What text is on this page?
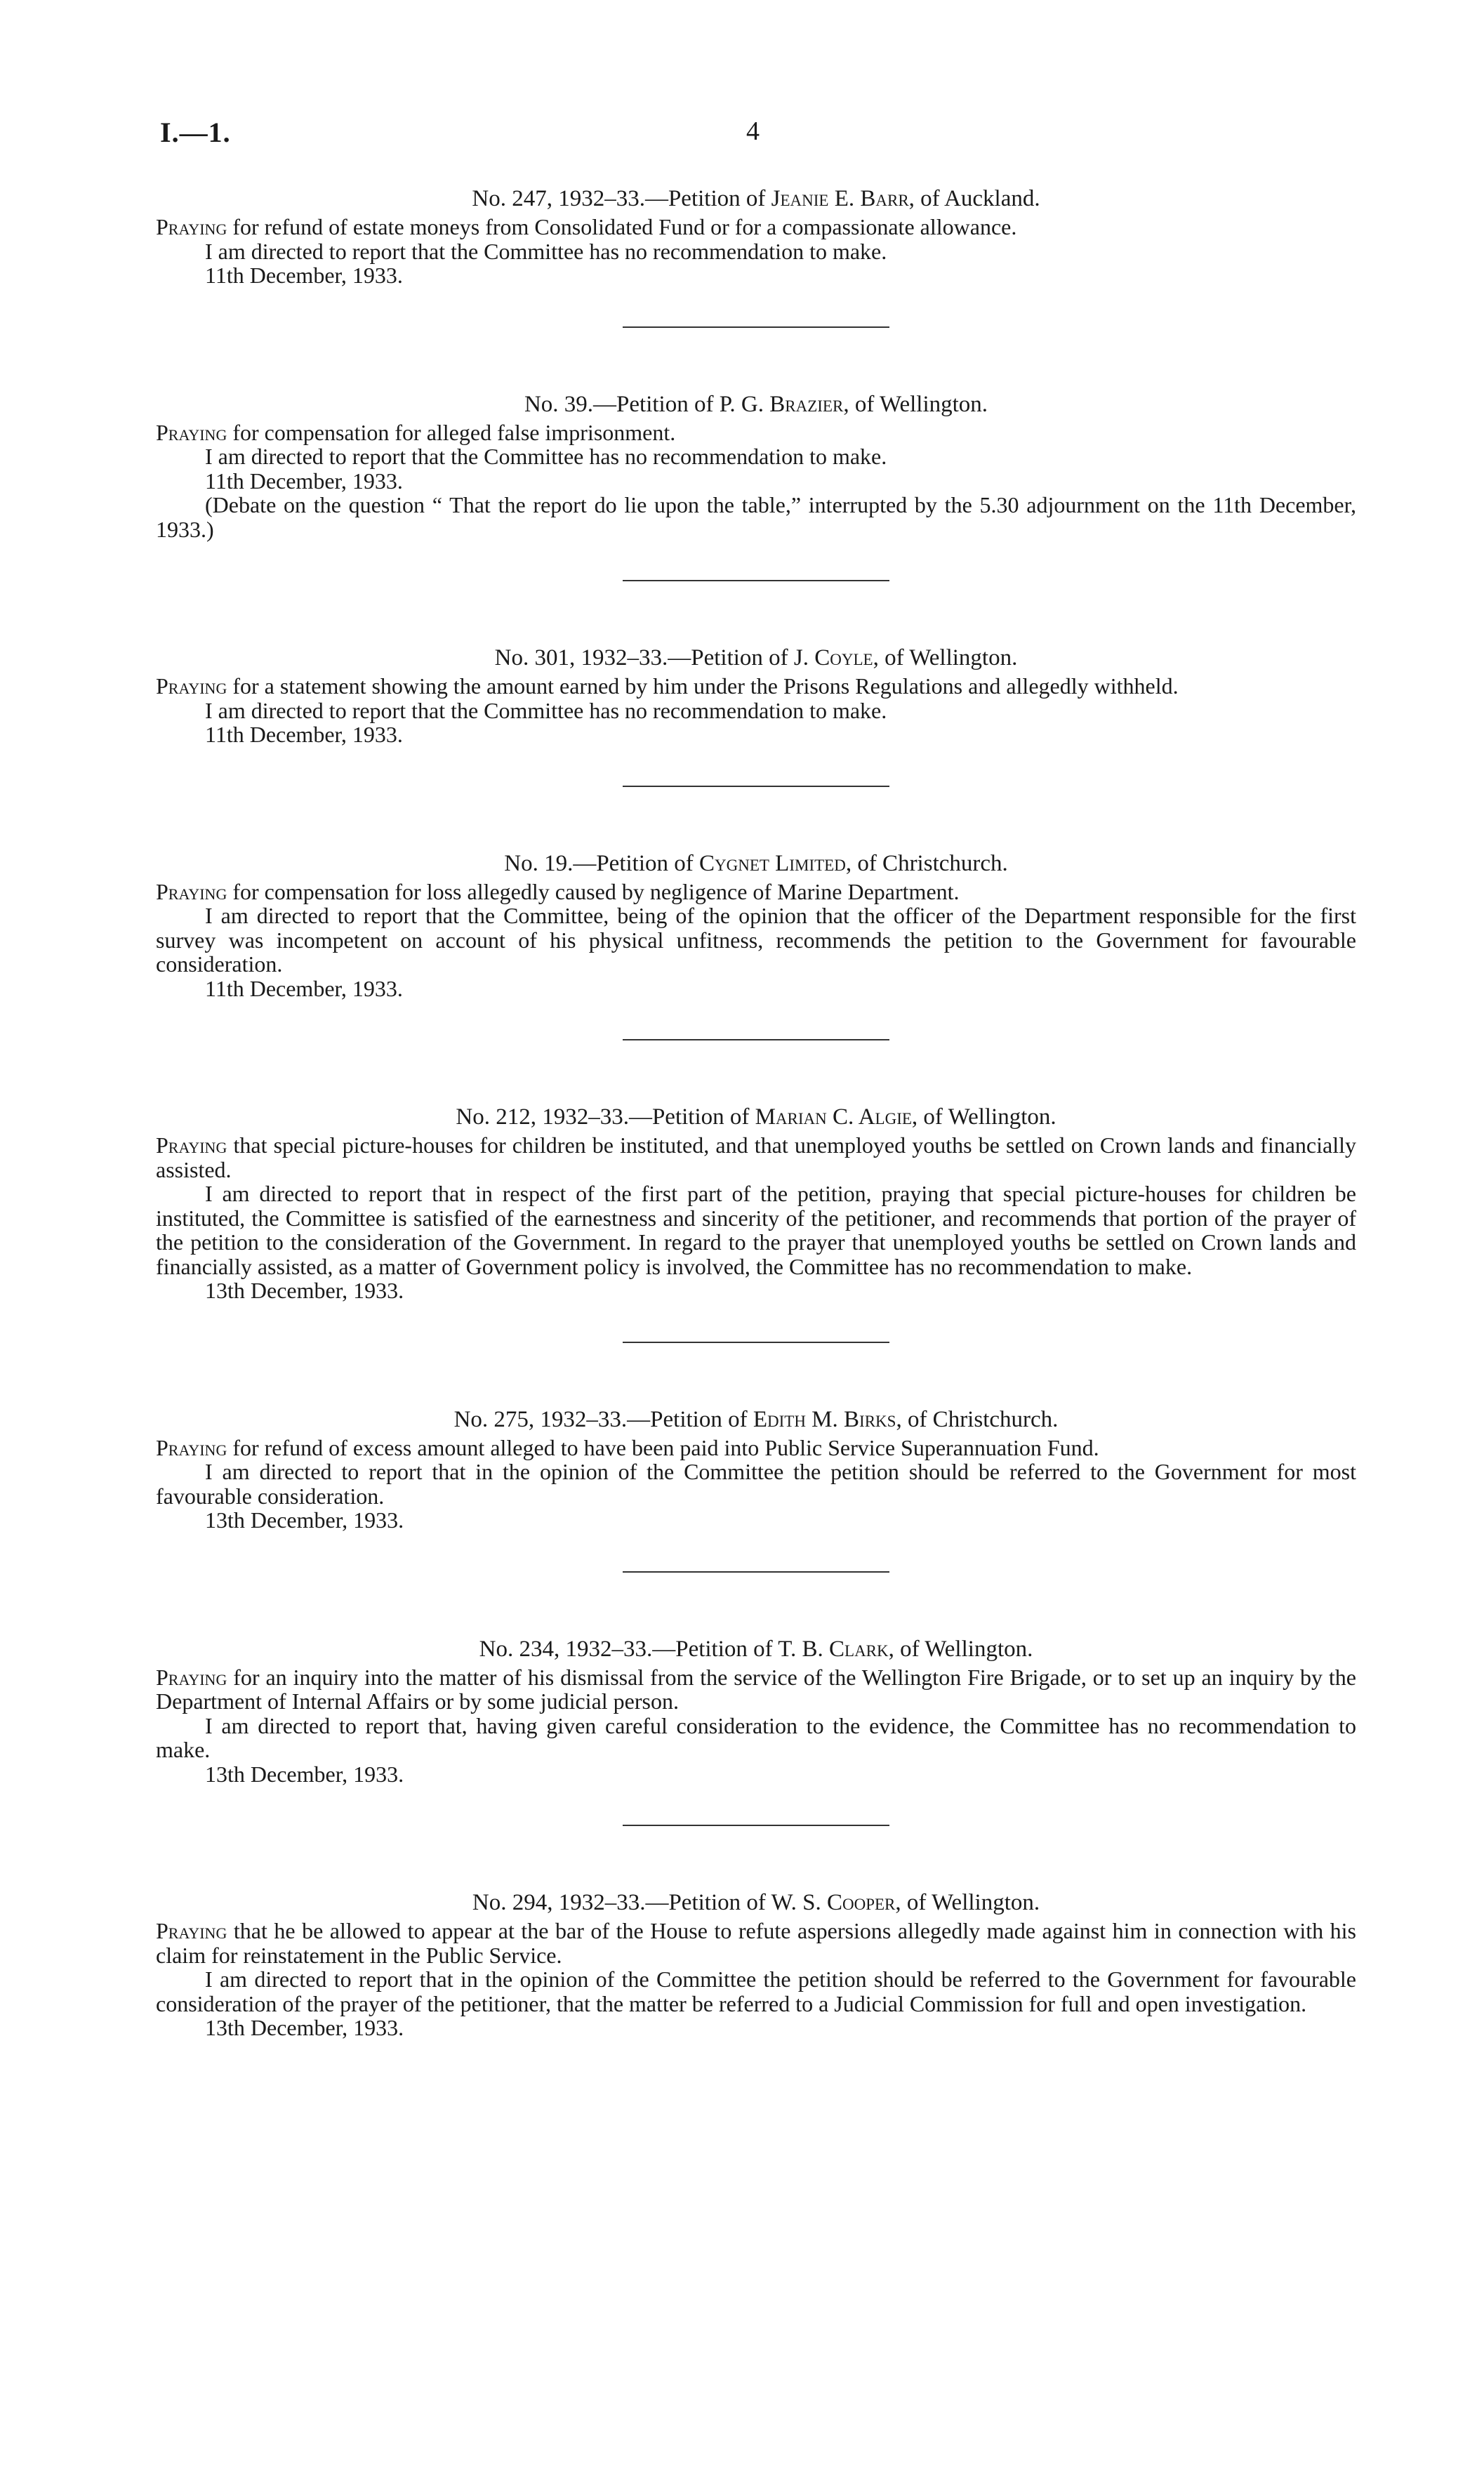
I.—1.	4

No. 247, 1932–33.—Petition of Jeanie E. Barr, of Auckland.

Praying for refund of estate moneys from Consolidated Fund or for a compassionate allowance.

I am directed to report that the Committee has no recommendation to make.

11th December, 1933.

No. 39.—Petition of P. G. Brazier, of Wellington.

Praying for compensation for alleged false imprisonment.

I am directed to report that the Committee has no recommendation to make.

11th December, 1933.

(Debate on the question “ That the report do lie upon the table,” interrupted by the 5.30 adjournment on the 11th December, 1933.)

No. 301, 1932–33.—Petition of J. Coyle, of Wellington.

Praying for a statement showing the amount earned by him under the Prisons Regulations and allegedly withheld.

I am directed to report that the Committee has no recommendation to make.

11th December, 1933.

No. 19.—Petition of Cygnet Limited, of Christchurch.

Praying for compensation for loss allegedly caused by negligence of Marine Department.

I am directed to report that the Committee, being of the opinion that the officer of the Department responsible for the first survey was incompetent on account of his physical unfitness, recommends the petition to the Government for favourable consideration.

11th December, 1933.

No. 212, 1932–33.—Petition of Marian C. Algie, of Wellington.

Praying that special picture-houses for children be instituted, and that unemployed youths be settled on Crown lands and financially assisted.

I am directed to report that in respect of the first part of the petition, praying that special picture-houses for children be instituted, the Committee is satisfied of the earnestness and sincerity of the petitioner, and recommends that portion of the prayer of the petition to the consideration of the Government. In regard to the prayer that unemployed youths be settled on Crown lands and financially assisted, as a matter of Government policy is involved, the Committee has no recommendation to make.

13th December, 1933.

No. 275, 1932–33.—Petition of Edith M. Birks, of Christchurch.

Praying for refund of excess amount alleged to have been paid into Public Service Superannuation Fund.

I am directed to report that in the opinion of the Committee the petition should be referred to the Government for most favourable consideration.

13th December, 1933.

No. 234, 1932–33.—Petition of T. B. Clark, of Wellington.

Praying for an inquiry into the matter of his dismissal from the service of the Wellington Fire Brigade, or to set up an inquiry by the Department of Internal Affairs or by some judicial person.

I am directed to report that, having given careful consideration to the evidence, the Committee has no recommendation to make.

13th December, 1933.

No. 294, 1932–33.—Petition of W. S. Cooper, of Wellington.

Praying that he be allowed to appear at the bar of the House to refute aspersions allegedly made against him in connection with his claim for reinstatement in the Public Service.

I am directed to report that in the opinion of the Committee the petition should be referred to the Government for favourable consideration of the prayer of the petitioner, that the matter be referred to a Judicial Commission for full and open investigation.

13th December, 1933.
